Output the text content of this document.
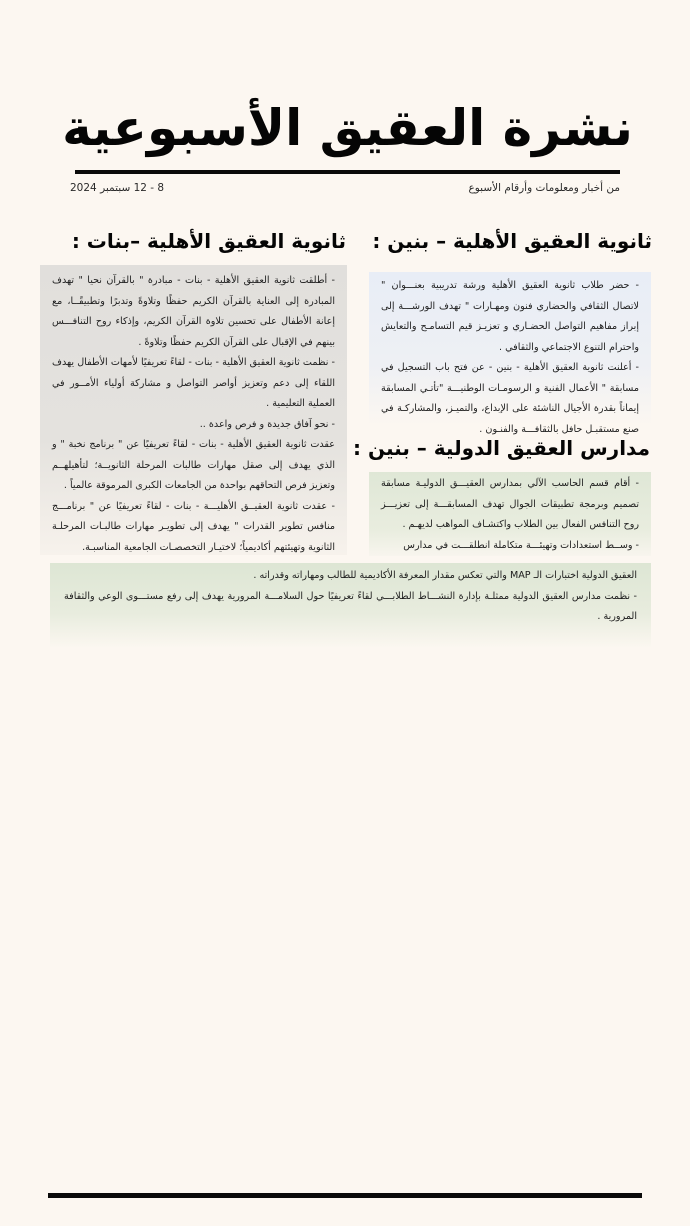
نشرة العقيق الأسبوعية
من أخبار ومعلومات وأرقام الأسبوع
8 - 12 سبتمبر 2024
ثانوية العقيق الأهلية – بنين :

- حضر طلاب ثانوية العقيق الأهلية ورشة تدريبية بعنـــوان " لاتصال الثقافي والحضاري فنون ومهـارات " تهدف الورشـــة إلى إبراز مفاهيم التواصل الحضـاري و تعزيـز قيم التسامـح والتعايش واحترام التنوع الاجتماعي والثقافي .

- أعلنت ثانوية العقيق الأهلية - بنين - عن فتح باب التسجيل في مسابقة " الأعمال الفنية و الرسومـات الوطنيـــة "تأتـي المسابقة إيماناً بقدرة الأجيال الناشئة على الإبداع، والتميـز، والمشاركـة في صنع مستقبـل حافل بالثقافـــة والفنـون .

ثانوية العقيق الأهلية –بنات :

- أطلقت ثانوية العقيق الأهلية - بنات - مبادرة " بالقرآن نحيا " تهدف المبادرة إلى العناية بالقرآن الكريم حفظًا وتلاوةً وتدبرًا وتطبيقًــا، مع إعانة الأطفال على تحسين تلاوة القرآن الكريم، وإذكاء روح التنافـــس بينهم في الإقبال على القرآن الكريم حفظًا وتلاوةً .

- نظمت ثانوية العقيق الأهلية - بنات - لقاءً تعريفيًا لأمهات الأطفال يهدف اللقاء إلى دعم وتعزيز أواصر التواصل و مشاركة أولياء الأمــور في العملية التعليمية .

- نحو آفاق جديدة و فرص واعدة ..

عقدت ثانوية العقيق الأهلية - بنات - لقاءً تعريفيًا عن " برنامج نخبة " و الذي يهدف إلى صقل مهارات طالبات المرحلة الثانويــة؛ لتأهيلهــم وتعزيز فرص التحاقهم بواحدة من الجامعات الكبرى المرموقة عالمياً .

- عقدت ثانوية العقيــق الأهليـــة - بنات - لقاءً تعريفيًا عن " برنامـــج منافس تطوير القدرات " يهدف إلى تطويـر مهارات طالبـات المرحلـة الثانوية وتهيئتهم أكاديمياً؛ لاختيـار التخصصـات الجامعية المناسبـة.

مدارس العقيق الدولية – بنين :

- أقام قسم الحاسب الآلي بمدارس العقيـــق الدوليـة مسابقة تصميم وبرمجة تطبيقات الجوال تهدف المسابقـــة إلى تعزيـــز روح التنافس الفعال بين الطلاب واكتشـاف المواهب لديهـم .

- وســط استعدادات وتهيئـــة متكاملة انطلقـــت في مدارس

العقيق الدولية اختبارات الـ MAP والتي تعكس مقدار المعرفة الأكاديمية للطالب ومهاراته وقدراته .

- نظمت مدارس العقيق الدولية ممثلـة بإدارة النشـــاط الطلابـــي لقاءً تعريفيًا حول السلامـــة المرورية يهدف إلى رفع مستـــوى الوعي والثقافة المرورية .
